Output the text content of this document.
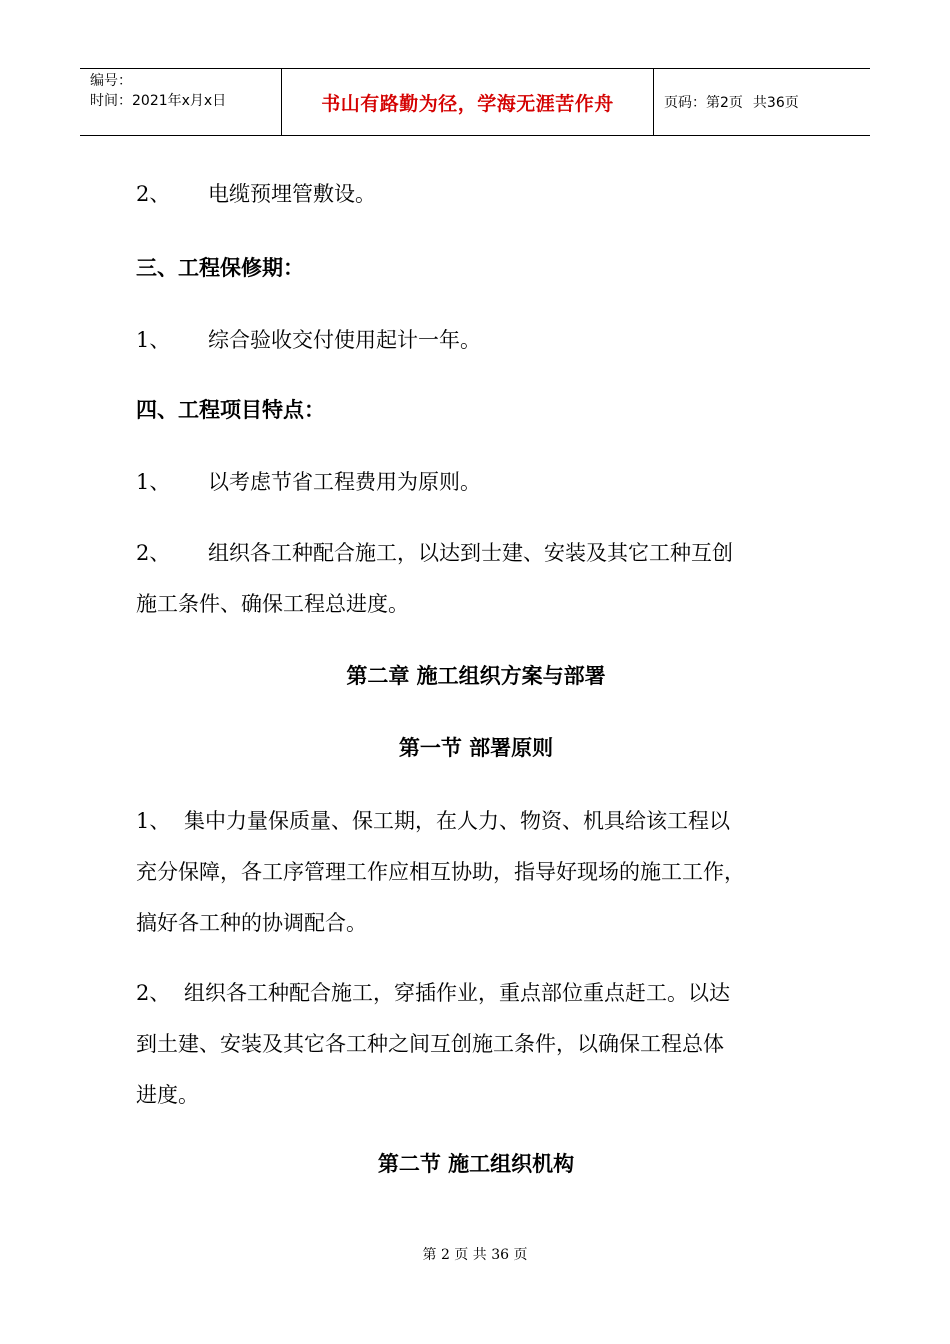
编号：
时间：2021年x月x日	书山有路勤为径，学海无涯苦作舟	页码：第2页 共36页

2、 电缆预埋管敷设。

三、工程保修期：

1、 综合验收交付使用起计一年。

四、工程项目特点：

1、 以考虑节省工程费用为原则。

2、 组织各工种配合施工，以达到士建、安装及其它工种互创

施工条件、确保工程总进度。

第二章 施工组织方案与部署

第一节 部署原则

1、 集中力量保质量、保工期，在人力、物资、机具给该工程以

充分保障，各工序管理工作应相互协助，指导好现场的施工工作，

搞好各工种的协调配合。

2、 组织各工种配合施工，穿插作业，重点部位重点赶工。以达

到土建、安装及其它各工种之间互创施工条件，以确保工程总体

进度。

第二节 施工组织机构

第 2 页 共 36 页
